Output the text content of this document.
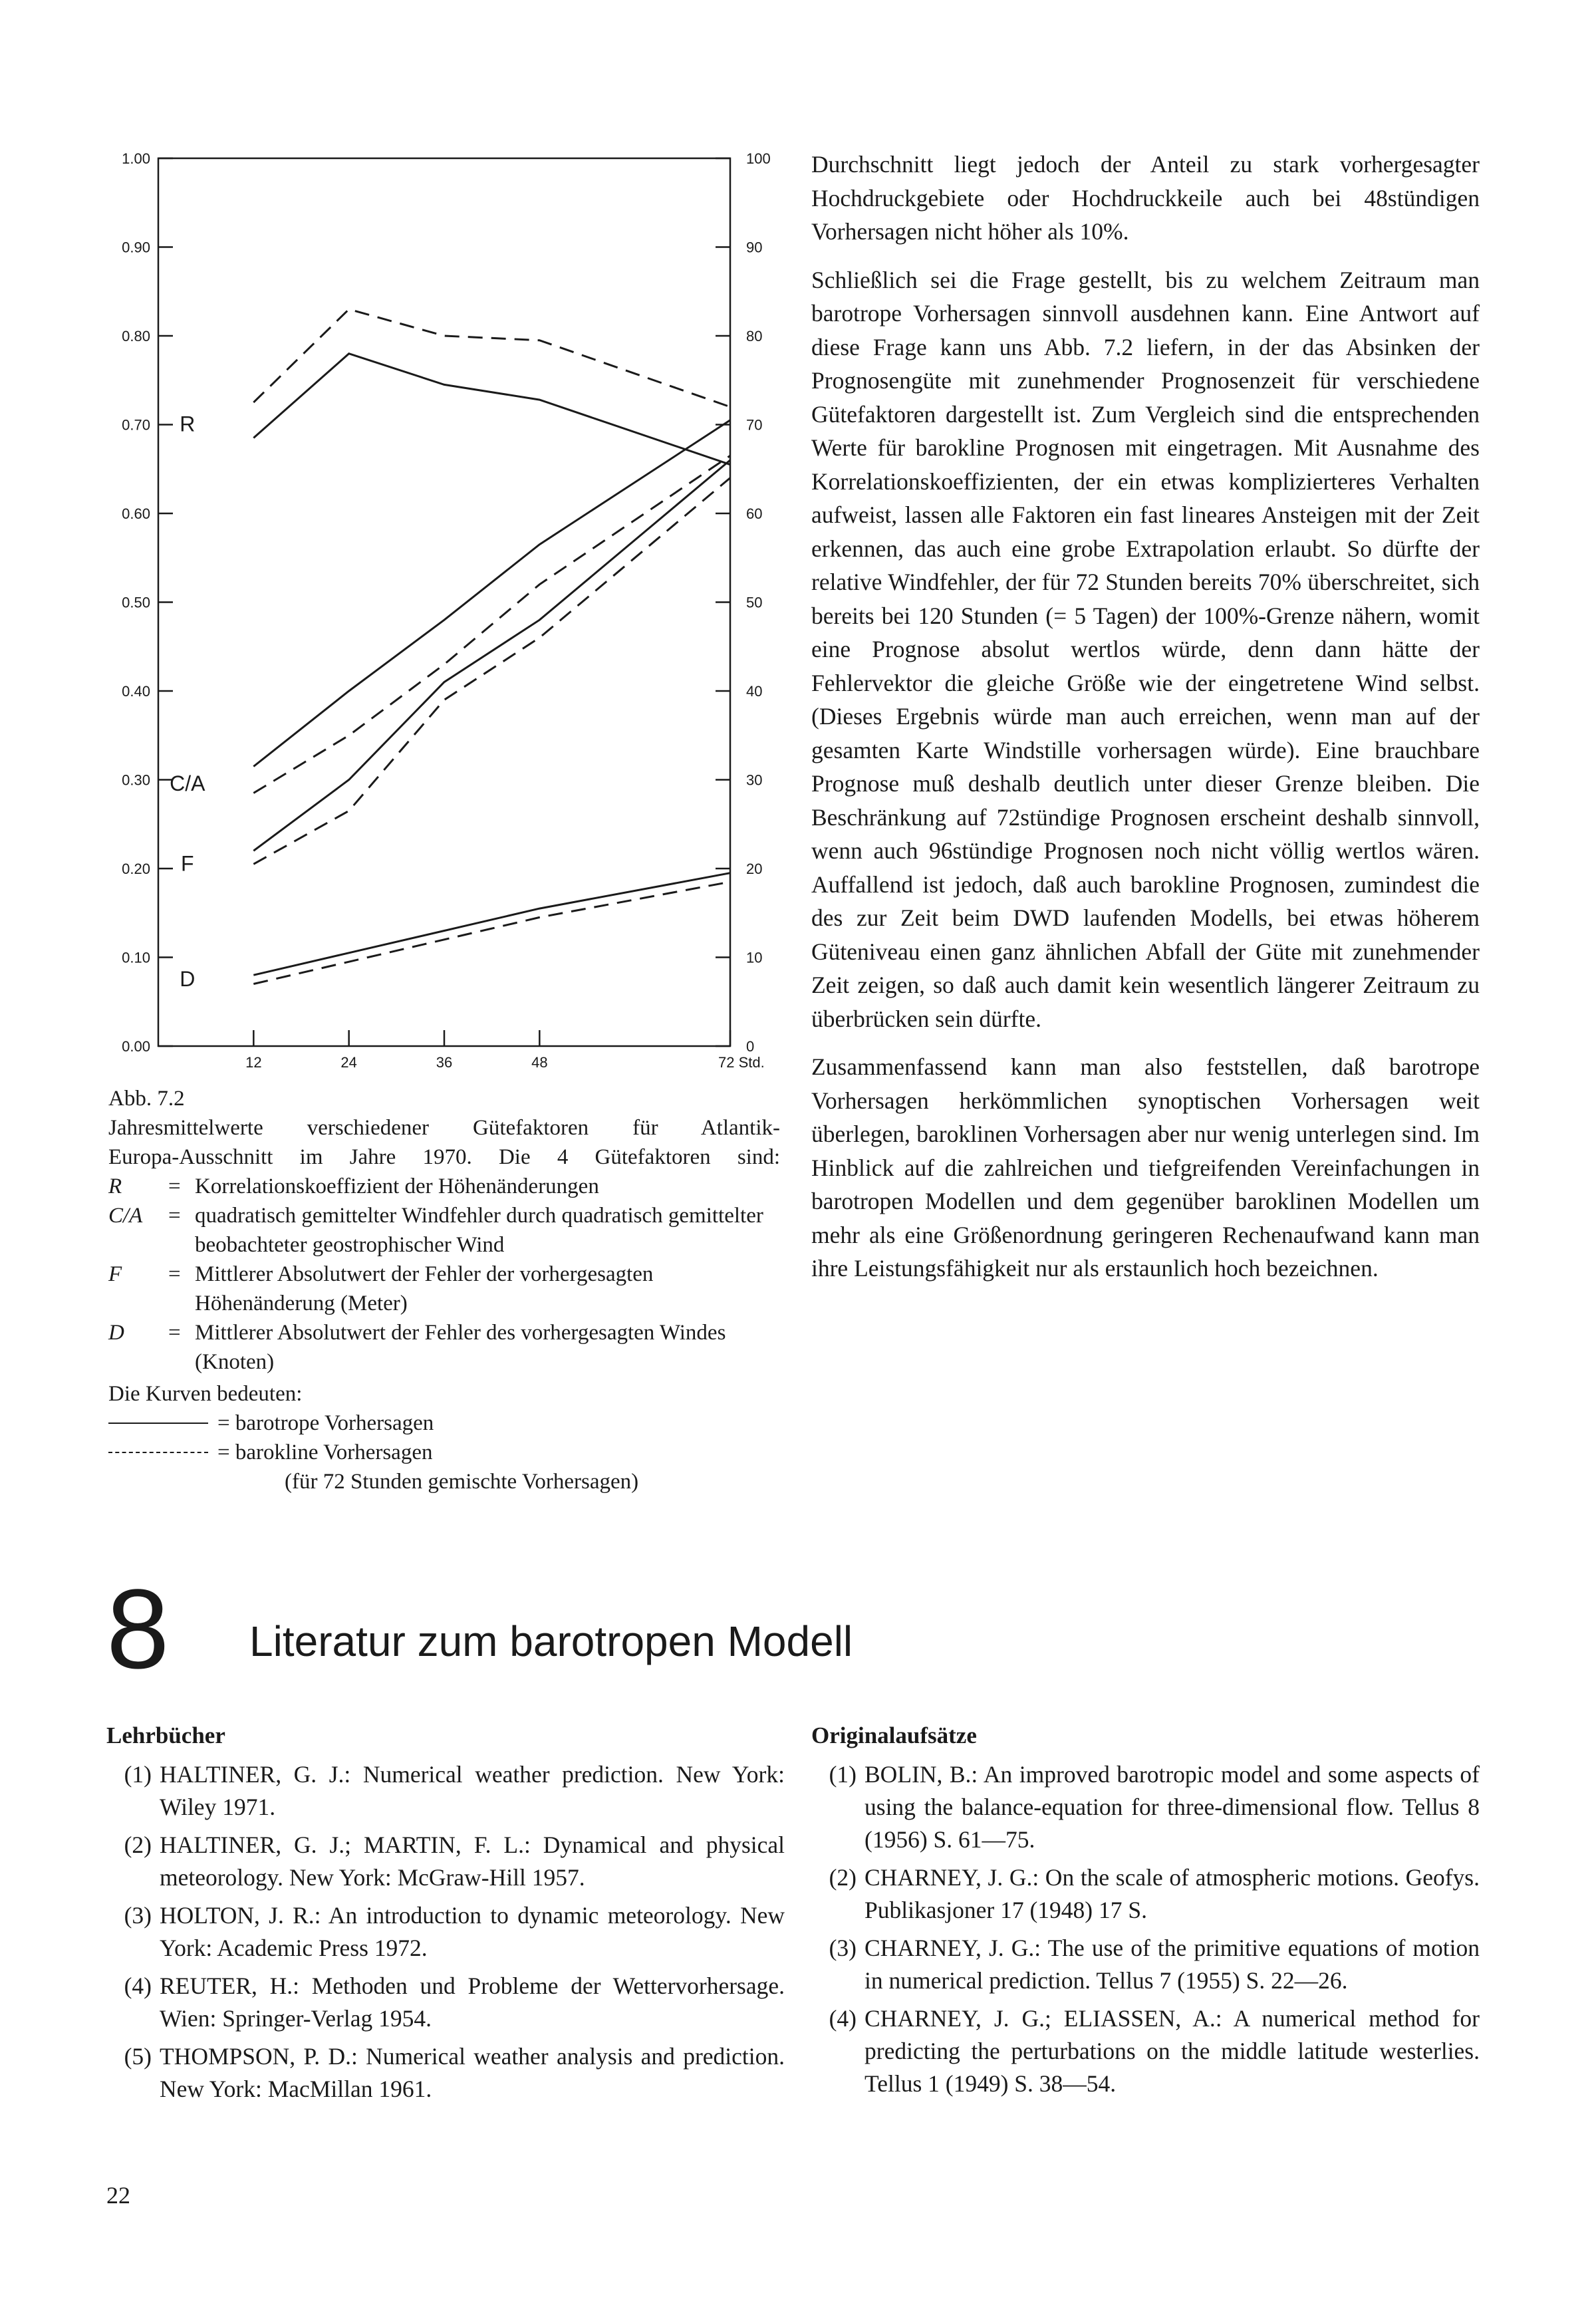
0.00	0
0.10	10
0.20	20
0.30	30
0.40	40
0.50	50
0.60	60
0.70	70
0.80	80
0.90	90
1.00	100
12	24	36	48	72 Std.
R
C/A
F
D
Abb. 7.2
Jahresmittelwerte verschiedener Gütefaktoren für Atlantik-
Europa-Ausschnitt im Jahre 1970. Die 4 Gütefaktoren sind:
R	= Korrelationskoeffizient der Höhenänderungen
C/A	= quadratisch gemittelter Windfehler durch quadratisch gemittelter beobachteter geostrophischer Wind
F	= Mittlerer Absolutwert der Fehler der vorhergesagten Höhenänderung (Meter)
D	= Mittlerer Absolutwert der Fehler des vorhergesagten Windes (Knoten)
Die Kurven bedeuten:
= barotrope Vorhersagen
= barokline Vorhersagen
(für 72 Stunden gemischte Vorhersagen)

Durchschnitt liegt jedoch der Anteil zu stark vorhergesagter Hochdruckgebiete oder Hochdruckkeile auch bei 48stündigen Vorhersagen nicht höher als 10%.

Schließlich sei die Frage gestellt, bis zu welchem Zeitraum man barotrope Vorhersagen sinnvoll ausdehnen kann. Eine Antwort auf diese Frage kann uns Abb. 7.2 liefern, in der das Absinken der Prognosengüte mit zunehmender Prognosenzeit für verschiedene Gütefaktoren dargestellt ist. Zum Vergleich sind die entsprechenden Werte für barokline Prognosen mit eingetragen. Mit Ausnahme des Korrelationskoeffizienten, der ein etwas komplizierteres Verhalten aufweist, lassen alle Faktoren ein fast lineares Ansteigen mit der Zeit erkennen, das auch eine grobe Extrapolation erlaubt. So dürfte der relative Windfehler, der für 72 Stunden bereits 70% überschreitet, sich bereits bei 120 Stunden (= 5 Tagen) der 100%-Grenze nähern, womit eine Prognose absolut wertlos würde, denn dann hätte der Fehlervektor die gleiche Größe wie der eingetretene Wind selbst. (Dieses Ergebnis würde man auch erreichen, wenn man auf der gesamten Karte Windstille vorhersagen würde). Eine brauchbare Prognose muß deshalb deutlich unter dieser Grenze bleiben. Die Beschränkung auf 72stündige Prognosen erscheint deshalb sinnvoll, wenn auch 96stündige Prognosen noch nicht völlig wertlos wären. Auffallend ist jedoch, daß auch barokline Prognosen, zumindest die des zur Zeit beim DWD laufenden Modells, bei etwas höherem Güteniveau einen ganz ähnlichen Abfall der Güte mit zunehmender Zeit zeigen, so daß auch damit kein wesentlich längerer Zeitraum zu überbrücken sein dürfte.

Zusammenfassend kann man also feststellen, daß barotrope Vorhersagen herkömmlichen synoptischen Vorhersagen weit überlegen, baroklinen Vorhersagen aber nur wenig unterlegen sind. Im Hinblick auf die zahlreichen und tiefgreifenden Vereinfachungen in barotropen Modellen und dem gegenüber baroklinen Modellen um mehr als eine Größenordnung geringeren Rechenaufwand kann man ihre Leistungsfähigkeit nur als erstaunlich hoch bezeichnen.

8 Literatur zum barotropen Modell
Lehrbücher
(1) HALTINER, G. J.: Numerical weather prediction. New York: Wiley 1971.
(2) HALTINER, G. J.; MARTIN, F. L.: Dynamical and physical meteorology. New York: McGraw-Hill 1957.
(3) HOLTON, J. R.: An introduction to dynamic meteorology. New York: Academic Press 1972.
(4) REUTER, H.: Methoden und Probleme der Wettervorhersage. Wien: Springer-Verlag 1954.
(5) THOMPSON, P. D.: Numerical weather analysis and prediction. New York: MacMillan 1961.
Originalaufsätze
(1) BOLIN, B.: An improved barotropic model and some aspects of using the balance-equation for three-dimensional flow. Tellus 8 (1956) S. 61—75.
(2) CHARNEY, J. G.: On the scale of atmospheric motions. Geofys. Publikasjoner 17 (1948) 17 S.
(3) CHARNEY, J. G.: The use of the primitive equations of motion in numerical prediction. Tellus 7 (1955) S. 22—26.
(4) CHARNEY, J. G.; ELIASSEN, A.: A numerical method for predicting the perturbations on the middle latitude westerlies. Tellus 1 (1949) S. 38—54.
22
